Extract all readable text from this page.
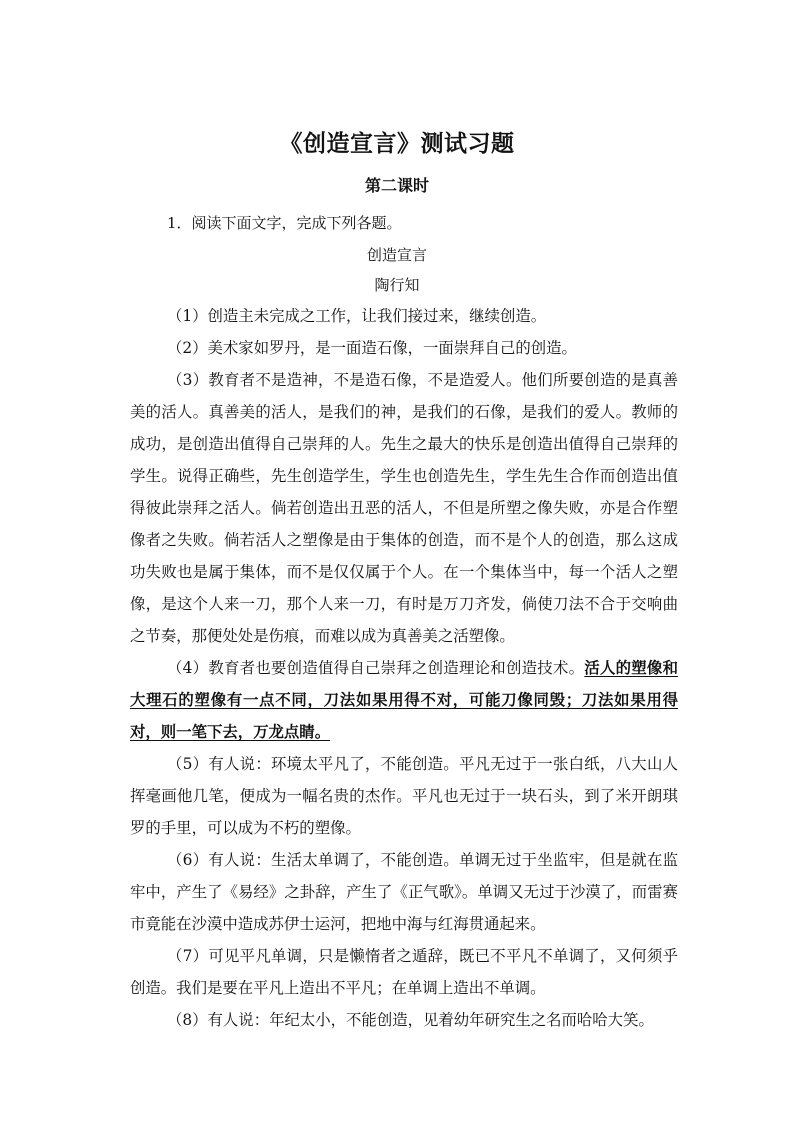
《创造宣言》测试习题
第二课时
1．阅读下面文字，完成下列各题。
创造宣言
陶行知

（1）创造主未完成之工作，让我们接过来，继续创造。

（2）美术家如罗丹，是一面造石像，一面崇拜自己的创造。

（3）教育者不是造神，不是造石像，不是造爱人。他们所要创造的是真善美的活人。真善美的活人，是我们的神，是我们的石像，是我们的爱人。教师的成功，是创造出值得自己崇拜的人。先生之最大的快乐是创造出值得自己崇拜的学生。说得正确些，先生创造学生，学生也创造先生，学生先生合作而创造出值得彼此崇拜之活人。倘若创造出丑恶的活人，不但是所塑之像失败，亦是合作塑像者之失败。倘若活人之塑像是由于集体的创造，而不是个人的创造，那么这成功失败也是属于集体，而不是仅仅属于个人。在一个集体当中，每一个活人之塑像，是这个人来一刀，那个人来一刀，有时是万刀齐发，倘使刀法不合于交响曲之节奏，那便处处是伤痕，而难以成为真善美之活塑像。

（4）教育者也要创造值得自己崇拜之创造理论和创造技术。活人的塑像和大理石的塑像有一点不同，刀法如果用得不对，可能刀像同毁；刀法如果用得对，则一笔下去，万龙点睛。

（5）有人说：环境太平凡了，不能创造。平凡无过于一张白纸，八大山人挥毫画他几笔，便成为一幅名贵的杰作。平凡也无过于一块石头，到了米开朗琪罗的手里，可以成为不朽的塑像。

（6）有人说：生活太单调了，不能创造。单调无过于坐监牢，但是就在监牢中，产生了《易经》之卦辞，产生了《正气歌》。单调又无过于沙漠了，而雷赛市竟能在沙漠中造成苏伊士运河，把地中海与红海贯通起来。

（7）可见平凡单调，只是懒惰者之遁辞，既已不平凡不单调了，又何须乎创造。我们是要在平凡上造出不平凡；在单调上造出不单调。

（8）有人说：年纪太小，不能创造，见着幼年研究生之名而哈哈大笑。
